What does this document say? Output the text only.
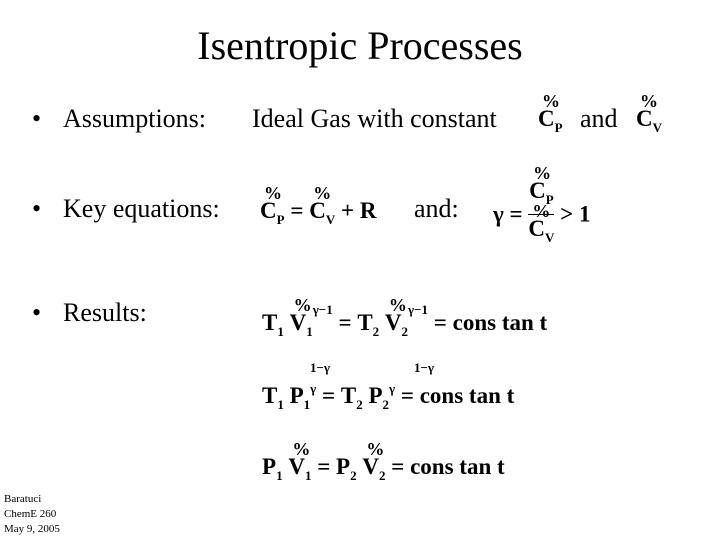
Isentropic Processes
• Assumptions: Ideal Gas with constant C
%
$_P$ and C
%
$_V$
• Key equations: C
%
$_P$ = C
%
$_V$ + R and: γ = C
%
$_P$
C
%
$_V$ > 1
• Results:	$T_1$ V
%
$_1^{\gamma-1} = T_2$ V
%
$_2^{\gamma-1}$ = cons tan t
1−γ	1−γ
$T_1$ $P_1^\gamma = T_2$ $P_2^\gamma$ = cons tan t
$P_1$ V
%
$_1 = P_2$ V
%
$_2$ = cons tan t
Baratuci
ChemE 260
May 9, 2005
